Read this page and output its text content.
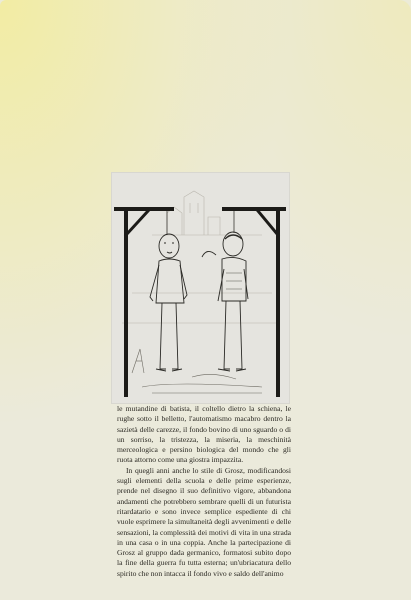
le mutandine di batista, il coltello dietro la schiena, le rughe sotto il belletto, l'automatismo macabro dentro la sazietà delle carezze, il fondo bovino di uno sguardo o di un sorriso, la tristezza, la miseria, la meschinità merceologica e persino biologica del mondo che gli ruota attorno come una giostra impazzita.

In quegli anni anche lo stile di Grosz, modificandosi sugli elementi della scuola e delle prime esperienze, prende nel disegno il suo definitivo vigore, abbandona andamenti che potrebbero sembrare quelli di un futurista ritardatario e sono invece semplice espediente di chi vuole esprimere la simultaneità degli avvenimenti e delle sensazioni, la complessità dei motivi di vita in una strada in una casa o in una coppia. Anche la partecipazione di Grosz al gruppo dada germanico, formatosi subito dopo la fine della guerra fu tutta esterna; un'ubriacatura dello spirito che non intacca il fondo vivo e saldo dell'animo
